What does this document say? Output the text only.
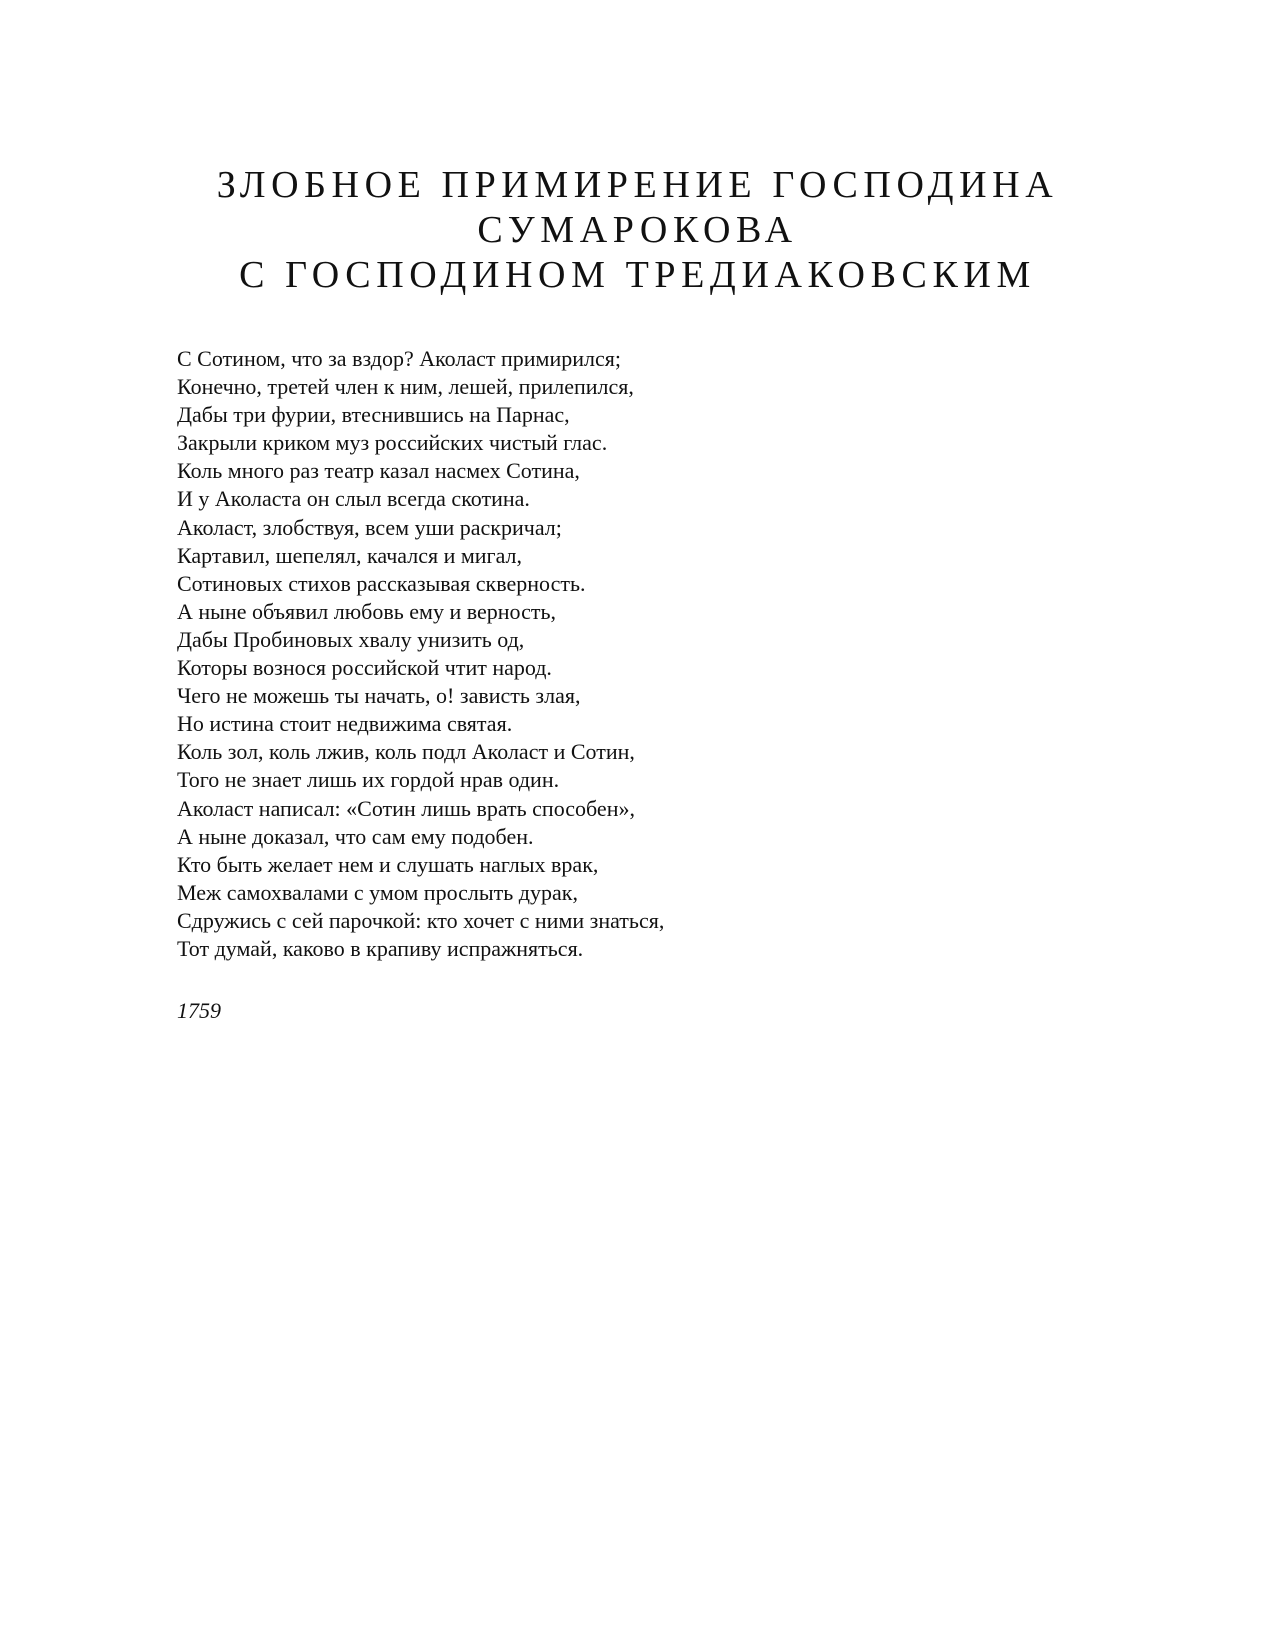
ЗЛОБНОЕ ПРИМИРЕНИЕ ГОСПОДИНА
СУМАРОКОВА
С ГОСПОДИНОМ ТРЕДИАКОВСКИМ
С Сотином, что за вздор? Аколаст примирился;
Конечно, третей член к ним, лешей, прилепился,
Дабы три фурии, втеснившись на Парнас,
Закрыли криком муз российских чистый глас.
Коль много раз театр казал насмех Сотина,
И у Аколаста он слыл всегда скотина.
Аколаст, злобствуя, всем уши раскричал;
Картавил, шепелял, качался и мигал,
Сотиновых стихов рассказывая скверность.
А ныне объявил любовь ему и верность,
Дабы Пробиновых хвалу унизить од,
Которы вознося российской чтит народ.
Чего не можешь ты начать, о! зависть злая,
Но истина стоит недвижима святая.
Коль зол, коль лжив, коль подл Аколаст и Сотин,
Того не знает лишь их гордой нрав один.
Аколаст написал: «Сотин лишь врать способен»,
А ныне доказал, что сам ему подобен.
Кто быть желает нем и слушать наглых врак,
Меж самохвалами с умом прослыть дурак,
Сдружись с сей парочкой: кто хочет с ними знаться,
Тот думай, каково в крапиву испражняться.

1759
